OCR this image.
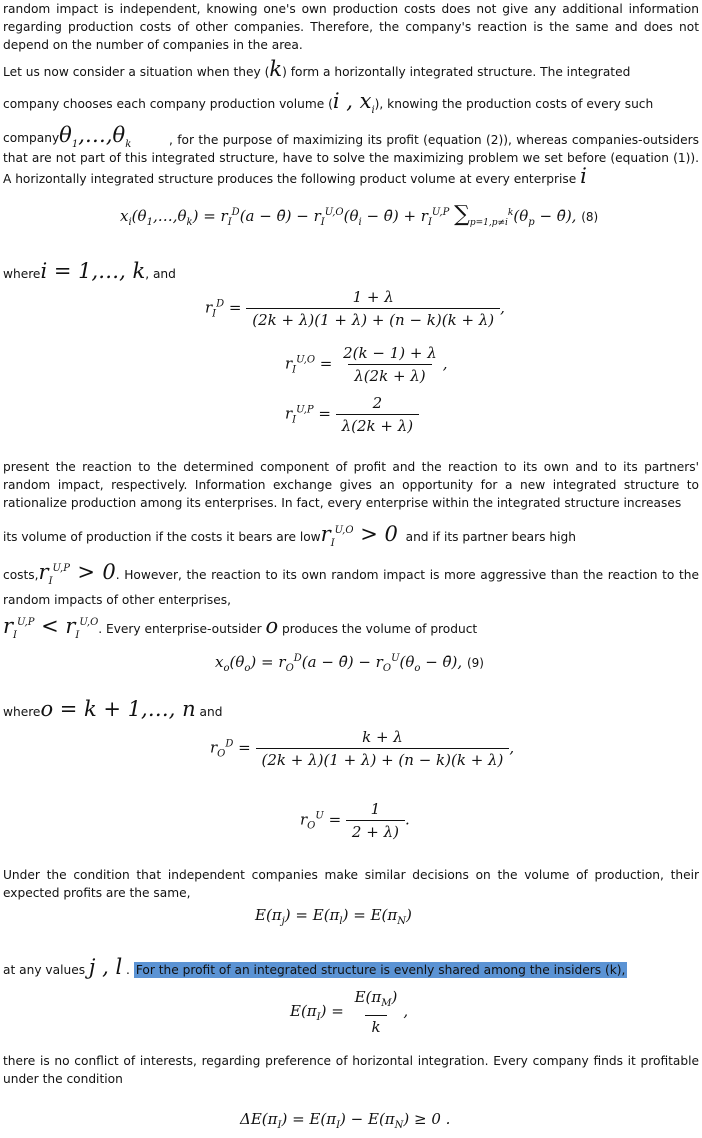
random impact is independent, knowing one's own production costs does not give any additional information regarding production costs of other companies. Therefore, the company's reaction is the same and does not depend on the number of companies in the area.

Let us now consider a situation when they (k) form a horizontally integrated structure. The integrated
company chooses each company production volume (i , $x_i$), knowing the production costs of every such
$company\theta_1,\dots,\theta_k$	, for the purpose of maximizing its profit (equation (2)), whereas companies-outsiders that are not part of this integrated structure, have to solve the maximizing problem we set before (equation (1)). A horizontally integrated structure produces the following product volume at every enterprise i
$x_i(\theta_1,\dots,\theta_k) = r_I^D(a$ − θ̄) − $r_I^{U,O}(\theta_i$ − θ̄) + $r_I^{U,P}$ $\sum_{p=1,p\ne i}^k(\theta_p$ − θ̄), (8)
wherei = 1,…, k, and
$r_I^D = \frac{1 + \lambda}{(2k + \lambda)(1 + \lambda) + (n - k)(k + \lambda)}$ ,
$r_I^{U,O} = \frac{2(k - 1) + \lambda}{\lambda(2k + \lambda)}$ ,
$r_I^{U,P} = \frac{2}{\lambda(2k + \lambda)}$

present the reaction to the determined component of profit and the reaction to its own and to its partners' random impact, respectively. Information exchange gives an opportunity for a new integrated structure to rationalize production among its enterprises. In fact, every enterprise within the integrated structure increases

its volume of production if the costs it bears are lowr$_I^{U,O}$ > 0 and if its partner bears high
$costs,r_I^{U,P} > 0$. However, the reaction to its own random impact is more aggressive than the reaction to the random impacts of other enterprises,
$r_I^{U,P} < r_I^{U,O}$. Every enterprise-outsider o produces the volume of product
$x_o(\theta_o) = r_O^D(a$ − θ̄) − $r_O^U(\theta_o$ − θ̄), (9)
whereo = k + 1,…, n and
$r_O^D = \frac{k + \lambda}{(2k + \lambda)(1 + \lambda) + (n - k)(k + \lambda)}$ ,
$r_O^U = \frac{1}{2 + \lambda)}$ .

Under the condition that independent companies make similar decisions on the volume of production, their expected profits are the same,

$E(\pi_j) = E(\pi_l) = E(\pi_N)$
at any values j , l . For the profit of an integrated structure is evenly shared among the insiders (k),
$E(\pi_I) = \frac{E(\pi_M)}{k}$ ,

there is no conflict of interests, regarding preference of horizontal integration. Every company finds it profitable under the condition

$\Delta E(\pi_I) = E(\pi_I) - E(\pi_N) \ge 0$ .
